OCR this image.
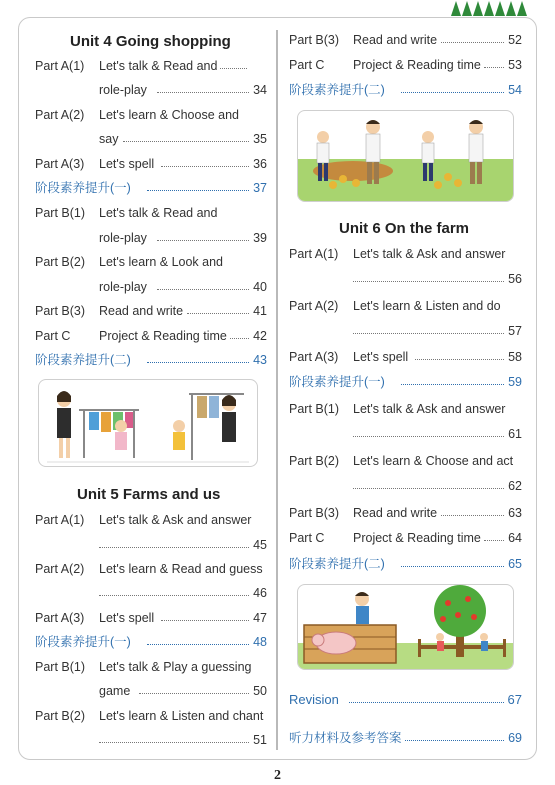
Unit 4 Going shopping
Part A(1) Let's talk & Read and
role-play	34
Part A(2) Let's learn & Choose and
say	35
Part A(3) Let's spell	36
阶段素养提升(一)	37
Part B(1) Let's talk & Read and
role-play	39
Part B(2) Let's learn & Look and
role-play	40
Part B(3) Read and write	41
Part C Project & Reading time 42
阶段素养提升(二)	43
Unit 5 Farms and us
Part A(1) Let's talk & Ask and answer
45
Part A(2) Let's learn & Read and guess
46
Part A(3) Let's spell	47
阶段素养提升(一)	48
Part B(1) Let's talk & Play a guessing
game	50
Part B(2) Let's learn & Listen and chant
51
Part B(3) Read and write	52
Part C Project & Reading time 53
阶段素养提升(二)	54
Unit 6 On the farm
Part A(1) Let's talk & Ask and answer
56
Part A(2) Let's learn & Listen and do
57
Part A(3) Let's spell	58
阶段素养提升(一)	59
Part B(1) Let's talk & Ask and answer
61
Part B(2) Let's learn & Choose and act
62
Part B(3) Read and write	63
Part C Project & Reading time 64
阶段素养提升(二)	65
Revision	67
听力材料及参考答案	69
2
